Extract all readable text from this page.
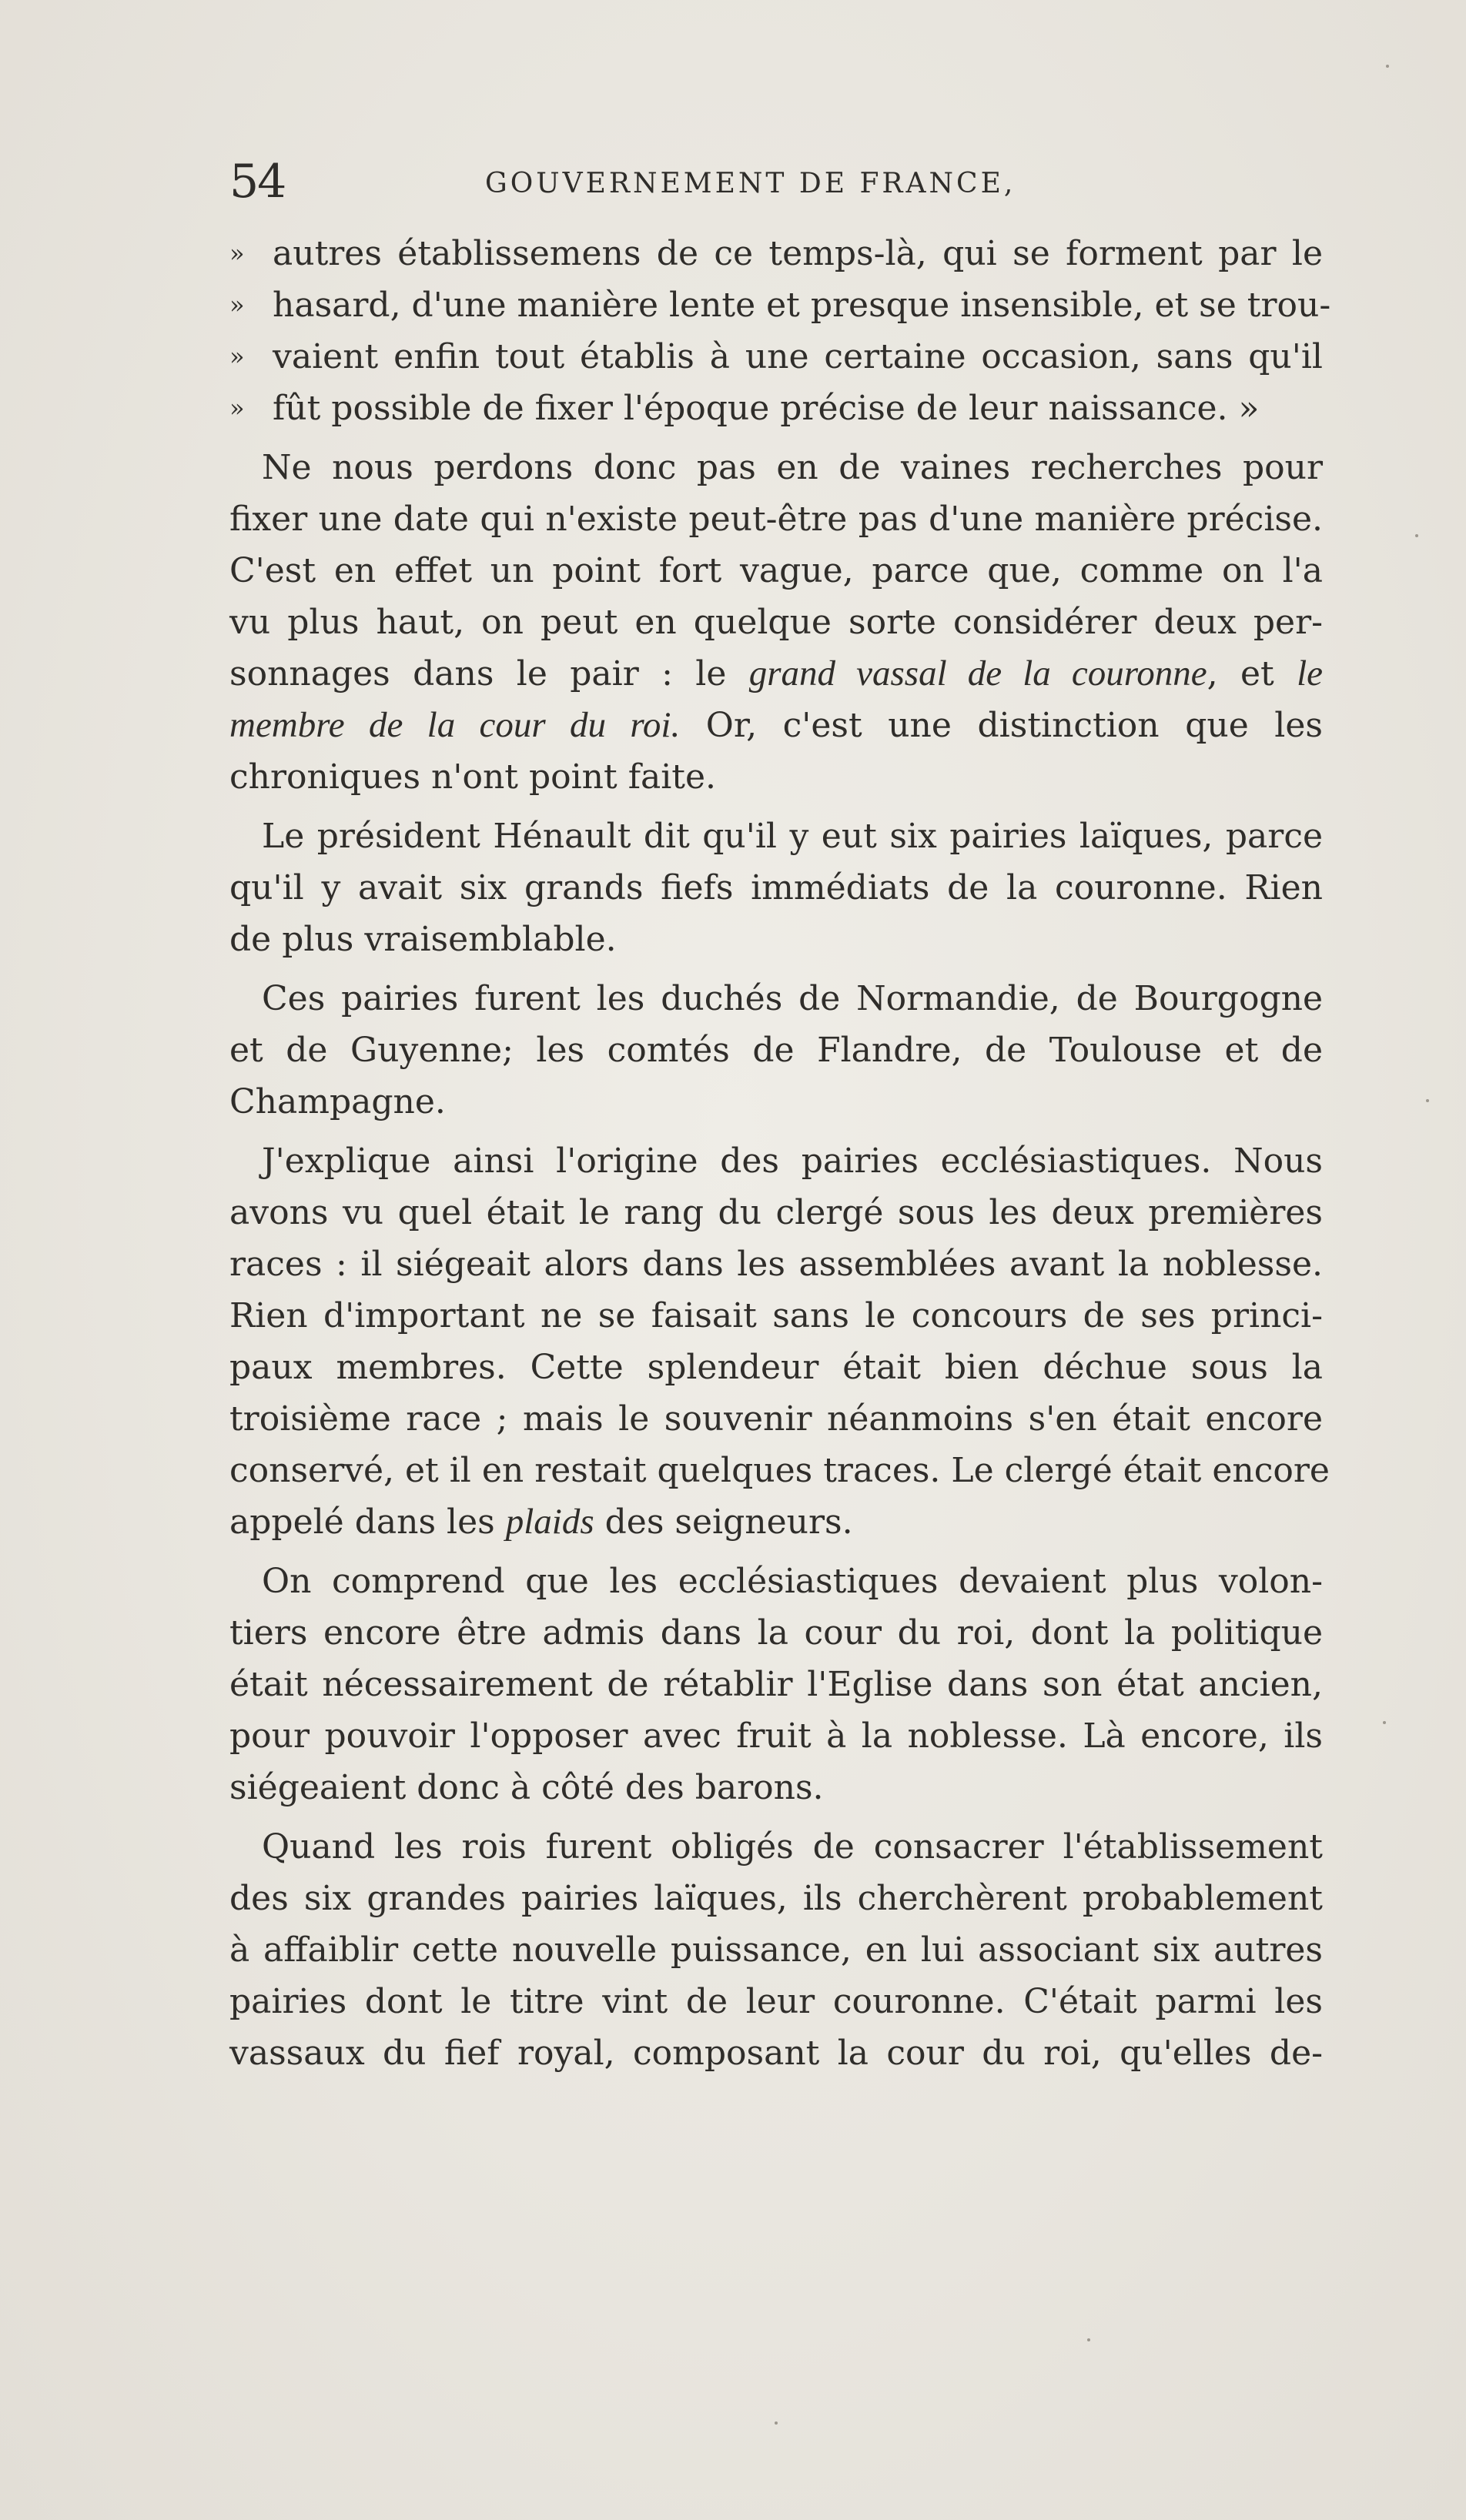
54	GOUVERNEMENT DE FRANCE,
» autres établissemens de ce temps-là, qui se forment par le
» hasard, d'une manière lente et presque insensible, et se trou-
» vaient enfin tout établis à une certaine occasion, sans qu'il
» fût possible de fixer l'époque précise de leur naissance. »
Ne nous perdons donc pas en de vaines recherches pour
fixer une date qui n'existe peut-être pas d'une manière précise.
C'est en effet un point fort vague, parce que, comme on l'a
vu plus haut, on peut en quelque sorte considérer deux per-
sonnages dans le pair : le grand vassal de la couronne, et le
membre de la cour du roi. Or, c'est une distinction que les
chroniques n'ont point faite.
Le président Hénault dit qu'il y eut six pairies laïques, parce
qu'il y avait six grands fiefs immédiats de la couronne. Rien
de plus vraisemblable.
Ces pairies furent les duchés de Normandie, de Bourgogne
et de Guyenne; les comtés de Flandre, de Toulouse et de
Champagne.
J'explique ainsi l'origine des pairies ecclésiastiques. Nous
avons vu quel était le rang du clergé sous les deux premières
races : il siégeait alors dans les assemblées avant la noblesse.
Rien d'important ne se faisait sans le concours de ses princi-
paux membres. Cette splendeur était bien déchue sous la
troisième race ; mais le souvenir néanmoins s'en était encore
conservé, et il en restait quelques traces. Le clergé était encore
appelé dans les plaids des seigneurs.
On comprend que les ecclésiastiques devaient plus volon-
tiers encore être admis dans la cour du roi, dont la politique
était nécessairement de rétablir l'Eglise dans son état ancien,
pour pouvoir l'opposer avec fruit à la noblesse. Là encore, ils
siégeaient donc à côté des barons.
Quand les rois furent obligés de consacrer l'établissement
des six grandes pairies laïques, ils cherchèrent probablement
à affaiblir cette nouvelle puissance, en lui associant six autres
pairies dont le titre vint de leur couronne. C'était parmi les
vassaux du fief royal, composant la cour du roi, qu'elles de-
